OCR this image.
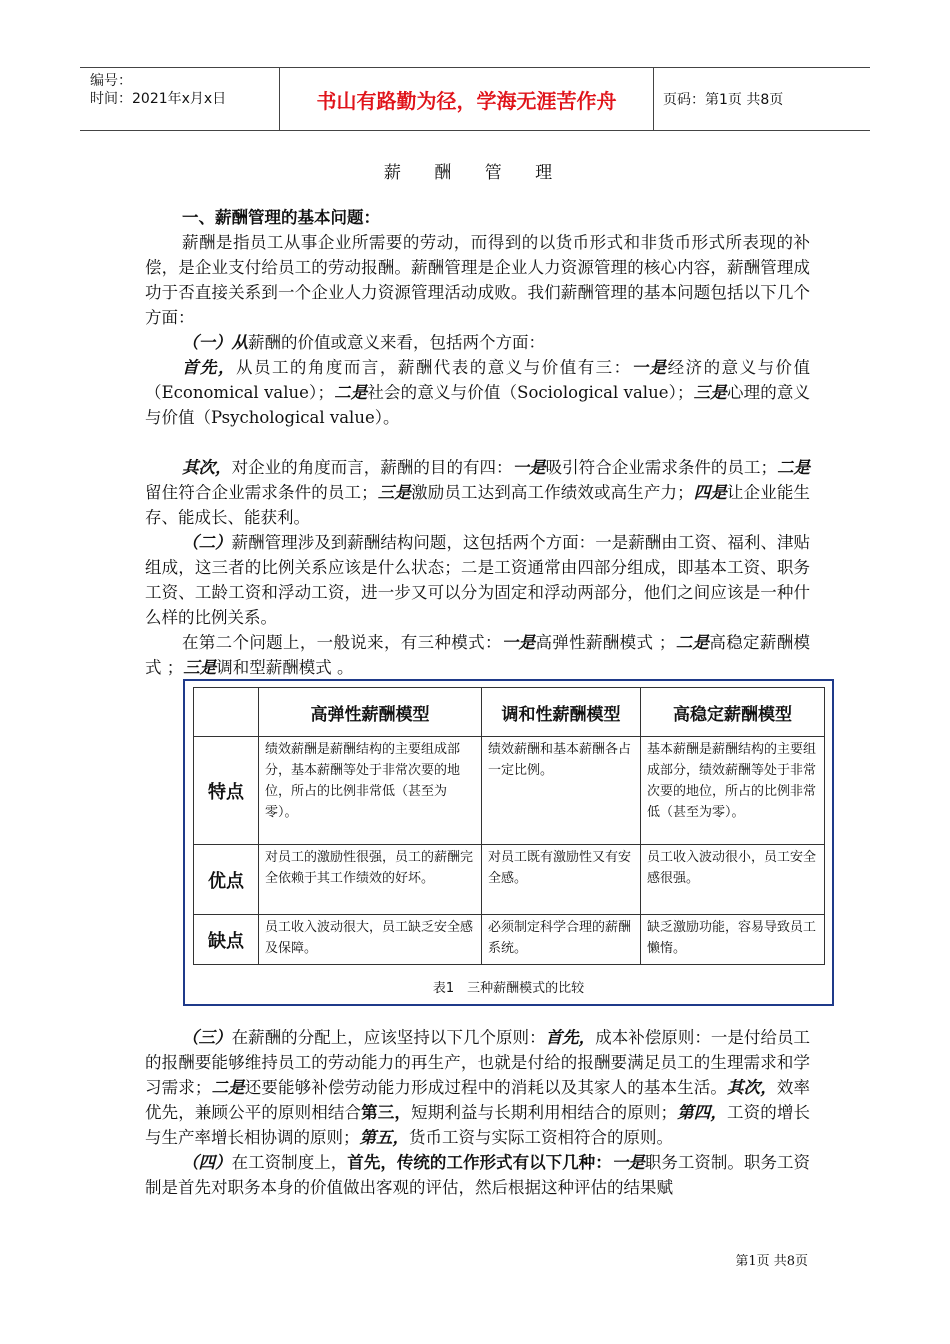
编号：
时间：2021年x月x日	书山有路勤为径，学海无涯苦作舟	页码：第1页 共8页
薪 酬 管 理

一、薪酬管理的基本问题：

薪酬是指员工从事企业所需要的劳动，而得到的以货币形式和非货币形式所表现的补偿，是企业支付给员工的劳动报酬。薪酬管理是企业人力资源管理的核心内容，薪酬管理成功于否直接关系到一个企业人力资源管理活动成败。我们薪酬管理的基本问题包括以下几个方面：

（一）从薪酬的价值或意义来看，包括两个方面：

首先，从员工的角度而言，薪酬代表的意义与价值有三：一是经济的意义与价值（Economical value）；二是社会的意义与价值（Sociological value）；三是心理的意义与价值（Psychological value）。

其次，对企业的角度而言，薪酬的目的有四：一是吸引符合企业需求条件的员工；二是留住符合企业需求条件的员工；三是激励员工达到高工作绩效或高生产力；四是让企业能生存、能成长、能获利。

（二）薪酬管理涉及到薪酬结构问题，这包括两个方面：一是薪酬由工资、福利、津贴组成，这三者的比例关系应该是什么状态；二是工资通常由四部分组成，即基本工资、职务工资、工龄工资和浮动工资，进一步又可以分为固定和浮动两部分，他们之间应该是一种什么样的比例关系。

在第二个问题上，一般说来，有三种模式：一是高弹性薪酬模式 ；二是高稳定薪酬模式 ；三是调和型薪酬模式 。

	高弹性薪酬模型	调和性薪酬模型	高稳定薪酬模型
特点	绩效薪酬是薪酬结构的主要组成部分，基本薪酬等处于非常次要的地位，所占的比例非常低（甚至为零）。	绩效薪酬和基本薪酬各占一定比例。	基本薪酬是薪酬结构的主要组成部分，绩效薪酬等处于非常次要的地位，所占的比例非常低（甚至为零）。
优点	对员工的激励性很强，员工的薪酬完全依赖于其工作绩效的好坏。	对员工既有激励性又有安全感。	员工收入波动很小，员工安全感很强。
缺点	员工收入波动很大，员工缺乏安全感及保障。	必须制定科学合理的薪酬系统。	缺乏激励功能，容易导致员工懒惰。
表1　三种薪酬模式的比较

（三）在薪酬的分配上，应该坚持以下几个原则：首先，成本补偿原则：一是付给员工的报酬要能够维持员工的劳动能力的再生产，也就是付给的报酬要满足员工的生理需求和学习需求；二是还要能够补偿劳动能力形成过程中的消耗以及其家人的基本生活。其次，效率优先，兼顾公平的原则相结合第三，短期利益与长期利用相结合的原则；第四，工资的增长与生产率增长相协调的原则；第五，货币工资与实际工资相符合的原则。

（四）在工资制度上，首先，传统的工作形式有以下几种：一是职务工资制。职务工资制是首先对职务本身的价值做出客观的评估，然后根据这种评估的结果赋

第1页 共8页
